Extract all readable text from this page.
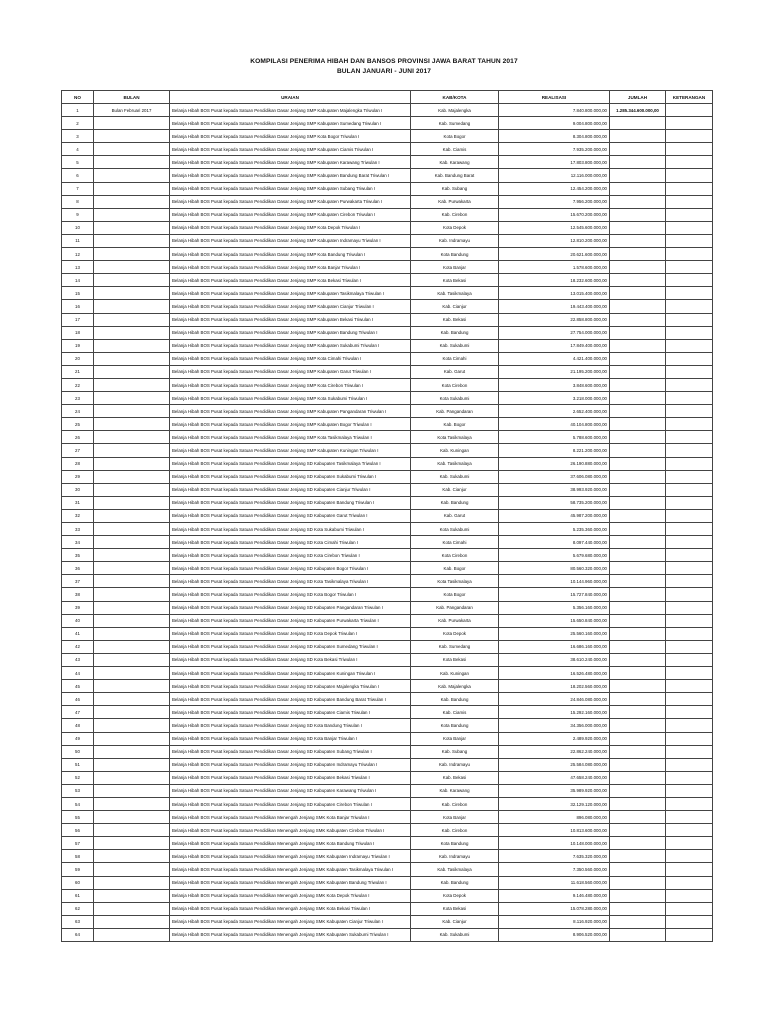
KOMPILASI PENERIMA HIBAH DAN BANSOS PROVINSI JAWA BARAT TAHUN 2017
BULAN JANUARI - JUNI 2017
NO	BULAN	URAIAN	KAB/KOTA	REALISASI	JUMLAH	KETERANGAN
1	Bulan Februari 2017	Belanja Hibah BOS Pusat kepada Satuan Pendidikan Dasar Jenjang SMP Kabupaten Majalengka Triwulan I	Kab. Majalengka	7.840.800.000,00	1.285.344.600.000,00	
2		Belanja Hibah BOS Pusat kepada Satuan Pendidikan Dasar Jenjang SMP Kabupaten Sumedang Triwulan I	Kab. Sumedang	9.004.800.000,00		
3		Belanja Hibah BOS Pusat kepada Satuan Pendidikan Dasar Jenjang SMP Kota Bogor Triwulan I	Kota Bogor	8.304.800.000,00		
4		Belanja Hibah BOS Pusat kepada Satuan Pendidikan Dasar Jenjang SMP Kabupaten Ciamis Triwulan I	Kab. Ciamis	7.935.200.000,00		
5		Belanja Hibah BOS Pusat kepada Satuan Pendidikan Dasar Jenjang SMP Kabupaten Karawang Triwulan I	Kab. Karawang	17.803.800.000,00		
6		Belanja Hibah BOS Pusat kepada Satuan Pendidikan Dasar Jenjang SMP Kabupaten Bandung Barat Triwulan I	Kab. Bandung Barat	12.116.000.000,00		
7		Belanja Hibah BOS Pusat kepada Satuan Pendidikan Dasar Jenjang SMP Kabupaten Subang Triwulan I	Kab. Subang	12.454.200.000,00		
8		Belanja Hibah BOS Pusat kepada Satuan Pendidikan Dasar Jenjang SMP Kabupaten Purwakarta Triwulan I	Kab. Purwakarta	7.956.200.000,00		
9		Belanja Hibah BOS Pusat kepada Satuan Pendidikan Dasar Jenjang SMP Kabupaten Cirebon Triwulan I	Kab. Cirebon	15.670.200.000,00		
10		Belanja Hibah BOS Pusat kepada Satuan Pendidikan Dasar Jenjang SMP Kota Depok Triwulan I	Kota Depok	12.545.600.000,00		
11		Belanja Hibah BOS Pusat kepada Satuan Pendidikan Dasar Jenjang SMP Kabupaten Indramayu Triwulan I	Kab. Indramayu	12.810.200.000,00		
12		Belanja Hibah BOS Pusat kepada Satuan Pendidikan Dasar Jenjang SMP Kota Bandung Triwulan I	Kota Bandung	20.621.600.000,00		
13		Belanja Hibah BOS Pusat kepada Satuan Pendidikan Dasar Jenjang SMP Kota Banjar Triwulan I	Kota Banjar	1.578.600.000,00		
14		Belanja Hibah BOS Pusat kepada Satuan Pendidikan Dasar Jenjang SMP Kota Bekasi Triwulan I	Kota Bekasi	18.232.600.000,00		
15		Belanja Hibah BOS Pusat kepada Satuan Pendidikan Dasar Jenjang SMP Kabupaten Tasikmalaya Triwulan I	Kab. Tasikmalaya	13.015.400.000,00		
16		Belanja Hibah BOS Pusat kepada Satuan Pendidikan Dasar Jenjang SMP Kabupaten Cianjur Triwulan I	Kab. Cianjur	19.443.400.000,00		
17		Belanja Hibah BOS Pusat kepada Satuan Pendidikan Dasar Jenjang SMP Kabupaten Bekasi Triwulan I	Kab. Bekasi	22.858.800.000,00		
18		Belanja Hibah BOS Pusat kepada Satuan Pendidikan Dasar Jenjang SMP Kabupaten Bandung Triwulan I	Kab. Bandung	27.754.000.000,00		
19		Belanja Hibah BOS Pusat kepada Satuan Pendidikan Dasar Jenjang SMP Kabupaten Sukabumi Triwulan I	Kab. Sukabumi	17.849.400.000,00		
20		Belanja Hibah BOS Pusat kepada Satuan Pendidikan Dasar Jenjang SMP Kota Cimahi Triwulan I	Kota Cimahi	4.421.400.000,00		
21		Belanja Hibah BOS Pusat kepada Satuan Pendidikan Dasar Jenjang SMP Kabupaten Garut Triwulan I	Kab. Garut	21.195.200.000,00		
22		Belanja Hibah BOS Pusat kepada Satuan Pendidikan Dasar Jenjang SMP Kota Cirebon Triwulan I	Kota Cirebon	3.848.600.000,00		
23		Belanja Hibah BOS Pusat kepada Satuan Pendidikan Dasar Jenjang SMP Kota Sukabumi Triwulan I	Kota Sukabumi	3.218.000.000,00		
24		Belanja Hibah BOS Pusat kepada Satuan Pendidikan Dasar Jenjang SMP Kabupaten Pangandaran Triwulan I	Kab. Pangandaran	2.652.400.000,00		
25		Belanja Hibah BOS Pusat kepada Satuan Pendidikan Dasar Jenjang SMP Kabupaten Bogor Triwulan I	Kab. Bogor	40.104.800.000,00		
26		Belanja Hibah BOS Pusat kepada Satuan Pendidikan Dasar Jenjang SMP Kota Tasikmalaya Triwulan I	Kota Tasikmalaya	5.788.600.000,00		
27		Belanja Hibah BOS Pusat kepada Satuan Pendidikan Dasar Jenjang SMP Kabupaten Kuningan Triwulan I	Kab. Kuningan	8.221.200.000,00		
28		Belanja Hibah BOS Pusat kepada Satuan Pendidikan Dasar Jenjang SD Kabupaten Tasikmalaya Triwulan I	Kab. Tasikmalaya	26.190.880.000,00		
29		Belanja Hibah BOS Pusat kepada Satuan Pendidikan Dasar Jenjang SD Kabupaten Sukabumi Triwulan I	Kab. Sukabumi	37.606.080.000,00		
30		Belanja Hibah BOS Pusat kepada Satuan Pendidikan Dasar Jenjang SD Kabupaten Cianjur Triwulan I	Kab. Cianjur	38.993.920.000,00		
31		Belanja Hibah BOS Pusat kepada Satuan Pendidikan Dasar Jenjang SD Kabupaten Bandung Triwulan I	Kab. Bandung	58.735.200.000,00		
32		Belanja Hibah BOS Pusat kepada Satuan Pendidikan Dasar Jenjang SD Kabupaten Garut Triwulan I	Kab. Garut	45.987.200.000,00		
33		Belanja Hibah BOS Pusat kepada Satuan Pendidikan Dasar Jenjang SD Kota Sukabumi Triwulan I	Kota Sukabumi	5.235.360.000,00		
34		Belanja Hibah BOS Pusat kepada Satuan Pendidikan Dasar Jenjang SD Kota Cimahi Triwulan I	Kota Cimahi	8.097.440.000,00		
35		Belanja Hibah BOS Pusat kepada Satuan Pendidikan Dasar Jenjang SD Kota Cirebon Triwulan I	Kota Cirebon	5.679.680.000,00		
36		Belanja Hibah BOS Pusat kepada Satuan Pendidikan Dasar Jenjang SD Kabupaten Bogor Triwulan I	Kab. Bogor	80.560.320.000,00		
37		Belanja Hibah BOS Pusat kepada Satuan Pendidikan Dasar Jenjang SD Kota Tasikmalaya Triwulan I	Kota Tasikmalaya	10.144.960.000,00		
38		Belanja Hibah BOS Pusat kepada Satuan Pendidikan Dasar Jenjang SD Kota Bogor Triwulan I	Kota Bogor	15.727.840.000,00		
39		Belanja Hibah BOS Pusat kepada Satuan Pendidikan Dasar Jenjang SD Kabupaten Pangandaran Triwulan I	Kab. Pangandaran	5.356.160.000,00		
40		Belanja Hibah BOS Pusat kepada Satuan Pendidikan Dasar Jenjang SD Kabupaten Purwakarta Triwulan I	Kab. Purwakarta	15.650.840.000,00		
41		Belanja Hibah BOS Pusat kepada Satuan Pendidikan Dasar Jenjang SD Kota Depok Triwulan I	Kota Depok	25.560.160.000,00		
42		Belanja Hibah BOS Pusat kepada Satuan Pendidikan Dasar Jenjang SD Kabupaten Sumedang Triwulan I	Kab. Sumedang	16.686.160.000,00		
43		Belanja Hibah BOS Pusat kepada Satuan Pendidikan Dasar Jenjang SD Kota Bekasi Triwulan I	Kota Bekasi	38.610.240.000,00		
44		Belanja Hibah BOS Pusat kepada Satuan Pendidikan Dasar Jenjang SD Kabupaten Kuningan Triwulan I	Kab. Kuningan	16.526.480.000,00		
45		Belanja Hibah BOS Pusat kepada Satuan Pendidikan Dasar Jenjang SD Kabupaten Majalengka Triwulan I	Kab. Majalengka	18.202.560.000,00		
46		Belanja Hibah BOS Pusat kepada Satuan Pendidikan Dasar Jenjang SD Kabupaten Bandung Barat Triwulan I	Kab. Bandung	24.846.080.000,00		
47		Belanja Hibah BOS Pusat kepada Satuan Pendidikan Dasar Jenjang SD Kabupaten Ciamis Triwulan I	Kab. Ciamis	15.292.160.000,00		
48		Belanja Hibah BOS Pusat kepada Satuan Pendidikan Dasar Jenjang SD Kota Bandung Triwulan I	Kota Bandung	34.356.000.000,00		
49		Belanja Hibah BOS Pusat kepada Satuan Pendidikan Dasar Jenjang SD Kota Banjar Triwulan I	Kota Banjar	2.489.920.000,00		
50		Belanja Hibah BOS Pusat kepada Satuan Pendidikan Dasar Jenjang SD Kabupaten Subang Triwulan I	Kab. Subang	22.862.240.000,00		
51		Belanja Hibah BOS Pusat kepada Satuan Pendidikan Dasar Jenjang SD Kabupaten Indramayu Triwulan I	Kab. Indramayu	25.584.080.000,00		
52		Belanja Hibah BOS Pusat kepada Satuan Pendidikan Dasar Jenjang SD Kabupaten Bekasi Triwulan I	Kab. Bekasi	47.658.240.000,00		
53		Belanja Hibah BOS Pusat kepada Satuan Pendidikan Dasar Jenjang SD Kabupaten Karawang Triwulan I	Kab. Karawang	35.989.920.000,00		
54		Belanja Hibah BOS Pusat kepada Satuan Pendidikan Dasar Jenjang SD Kabupaten Cirebon Triwulan I	Kab. Cirebon	32.129.120.000,00		
55		Belanja Hibah BOS Pusat kepada Satuan Pendidikan Menengah Jenjang SMK Kota Banjar Triwulan I	Kota Banjar	896.080.000,00		
56		Belanja Hibah BOS Pusat kepada Satuan Pendidikan Menengah Jenjang SMK Kabupaten Cirebon Triwulan I	Kab. Cirebon	10.813.600.000,00		
57		Belanja Hibah BOS Pusat kepada Satuan Pendidikan Menengah Jenjang SMK Kota Bandung Triwulan I	Kota Bandung	10.148.000.000,00		
58		Belanja Hibah BOS Pusat kepada Satuan Pendidikan Menengah Jenjang SMK Kabupaten Indramayu Triwulan I	Kab. Indramayu	7.635.320.000,00		
59		Belanja Hibah BOS Pusat kepada Satuan Pendidikan Menengah Jenjang SMK Kabupaten Tasikmalaya Triwulan I	Kab. Tasikmalaya	7.350.560.000,00		
60		Belanja Hibah BOS Pusat kepada Satuan Pendidikan Menengah Jenjang SMK Kabupaten Bandung Triwulan I	Kab. Bandung	11.618.560.000,00		
61		Belanja Hibah BOS Pusat kepada Satuan Pendidikan Menengah Jenjang SMK Kota Depok Triwulan I	Kota Depok	9.146.480.000,00		
62		Belanja Hibah BOS Pusat kepada Satuan Pendidikan Menengah Jenjang SMK Kota Bekasi Triwulan I	Kota Bekasi	15.078.280.000,00		
63		Belanja Hibah BOS Pusat kepada Satuan Pendidikan Menengah Jenjang SMK Kabupaten Cianjur Triwulan I	Kab. Cianjur	8.116.920.000,00		
64		Belanja Hibah BOS Pusat kepada Satuan Pendidikan Menengah Jenjang SMK Kabupaten Sukabumi Triwulan I	Kab. Sukabumi	8.906.520.000,00		
